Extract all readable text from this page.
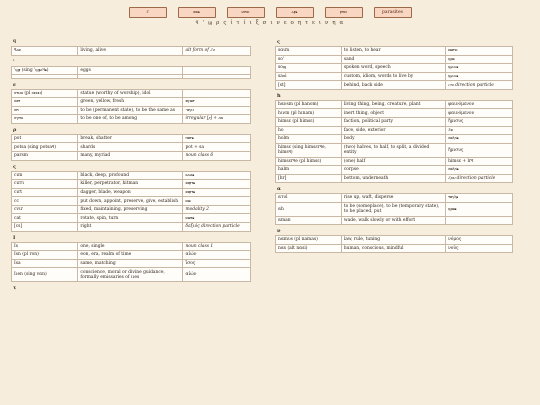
ϩ	ⲟⲟⲉ	ⲙⲏⲥⲓ	ⲁⲣⲉ	ⲣⲏⲥⲓ	parasites
ϥ ' ϣ ρ ς ί τ ί ι ξ σ ι ν ε ο η τ ε ι ν η α
ϥ
ϥⲁⲟ	living, alive	alt form of ϩⲟ
'
'ϣⲣ (sing 'ϣⲣⲁϥⲉ)	eggs	

ϭ
ϭⲧⲙⲛ (pl ϭⲥⲙⲛ)	statue (worthy of worship), idol	
ϭⲟⲧ	green, yellow, fresh	ⲟⲩⲱⲧ
ϭⲏ	to be (permanent state), to be the same as	-ⲟⲩⲛ
ϭⲩⲏⲛ	to be one of, to be among	irregular [ⲣ] + ⲛⲛ
ρ
pot	break, shatter	ⲡⲟⲧⲉ
potsa (sing potsaϥ)	shards	pot + sa
parsm	many, myriad	noun class 6
ς
cιm	black, deep, profound	ⲕⲁⲙⲉ
cιrrι	killer, perpetrator, hitman	ⲥⲟⲣⲧⲉ
cιrt	dagger, blade, weapon	ⲥⲟⲣⲧⲉ
cc	put down, appoint, preserve, give, establish	ⲕⲱ
cvιr	fixed, maintaining, preserving	modality 2
cat	rotate, spin, turn	ⲕⲱⲧⲉ
[cs]	right	δεξιός direction particle
Ι
Ιs	one, single	noun class 1
Ιsn (pl ron)	eon, era, realm of time	αἰών
Ιsa	same, matching	ἴσος
Ιιen (sing vαn)	conscience, moral or divine guidance, formally emissaries of ιιes	αἰών
τ
ς
sαιm	to listen, to hear	ⲥⲱⲧⲙ
so'	sand	ϣⲱ
soϣ	spoken word, speech	ϣⲁϫⲉ
saϭi	custom, idiom, words to live by	ϣⲁϫⲉ
[st]	behind, back side	ⲥⲧⲟ direction particle
ħ
hανsm (pl hanom)	living thing, being, creature, plant	φαινόμενον
hινm (pl hιnam)	inert thing, object	φαινόμενον
himsε (pl himsε)	faction, political party	ἥμισυς
ho	face, side, exterior	ϩⲟ
holm	body	ϭⲟⲗϭⲉ
himsε (sing himsεrϥe, himsϥ)	(two) halves, to half, to split, a divided entity	ἥμισυς
himsεrϥe (pl himsε)	(one) half	himsε + lrϥ
halm	corpse	ϭⲟⲗϭⲉ
[hr]	bottom, underneath	ϩⲣⲁⲓ direction particle
α
ατυl	rise up, waft, disperse	ⲧⲟⲩⲗⲉ
αh	to be (someplace), to be (temporary state), to be placed, put	ϣⲱⲉ
αman	wade, walk slowly or with effort	
ν
nαmυs (pl namas)	law, rule, tuning	νόμος
nαs (alt nαsi)	human, conscious, mindful	νοῦς
